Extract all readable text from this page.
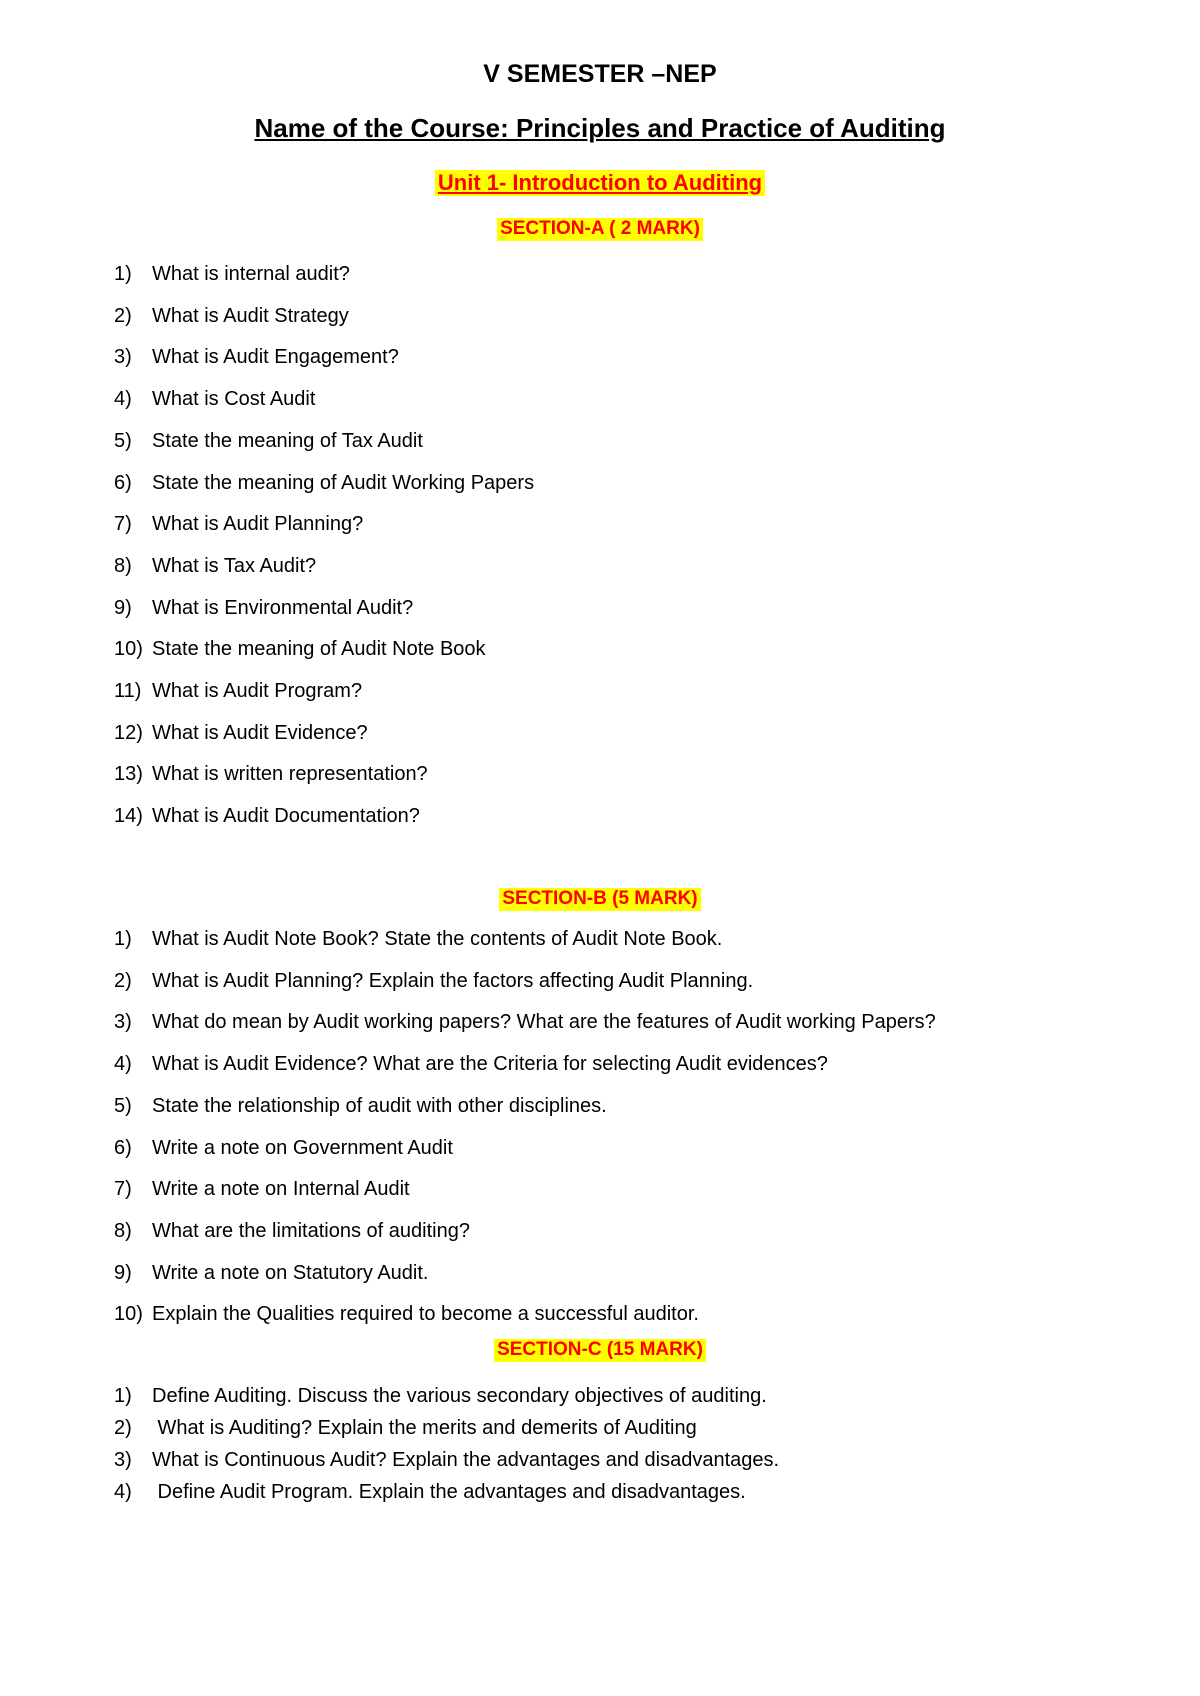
V SEMESTER –NEP
Name of the Course: Principles and Practice of Auditing
Unit 1- Introduction to Auditing
SECTION-A ( 2 MARK)
1) What is internal audit?
2) What is Audit Strategy
3) What is Audit Engagement?
4) What is Cost Audit
5) State the meaning of Tax Audit
6) State the meaning of Audit Working Papers
7) What is Audit Planning?
8) What is Tax Audit?
9) What is Environmental Audit?
10) State the meaning of Audit Note Book
11) What is Audit Program?
12) What is Audit Evidence?
13) What is written representation?
14) What is Audit Documentation?
SECTION-B (5 MARK)
1) What is Audit Note Book? State the contents of Audit Note Book.
2) What is Audit Planning? Explain the factors affecting Audit Planning.
3) What do mean by Audit working papers? What are the features of Audit working Papers?
4) What is Audit Evidence? What are the Criteria for selecting Audit evidences?
5) State the relationship of audit with other disciplines.
6) Write a note on Government Audit
7) Write a note on Internal Audit
8) What are the limitations of auditing?
9) Write a note on Statutory Audit.
10) Explain the Qualities required to become a successful auditor.
SECTION-C (15 MARK)
1) Define Auditing. Discuss the various secondary objectives of auditing.
2) What is Auditing? Explain the merits and demerits of Auditing
3) What is Continuous Audit? Explain the advantages and disadvantages.
4) Define Audit Program. Explain the advantages and disadvantages.
